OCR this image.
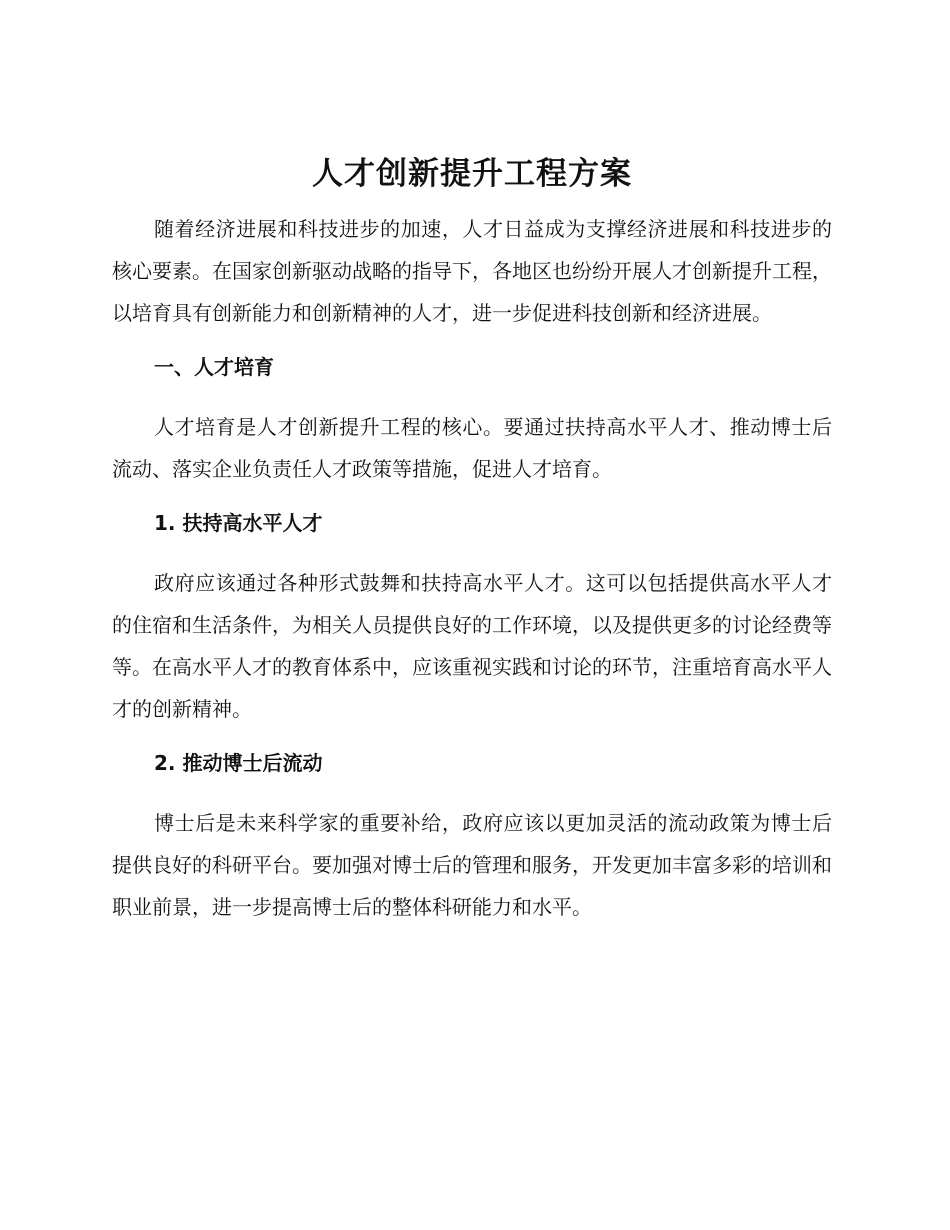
人才创新提升工程方案

随着经济进展和科技进步的加速，人才日益成为支撑经济进展和科技进步的核心要素。在国家创新驱动战略的指导下，各地区也纷纷开展人才创新提升工程，以培育具有创新能力和创新精神的人才，进一步促进科技创新和经济进展。

一、人才培育

人才培育是人才创新提升工程的核心。要通过扶持高水平人才、推动博士后流动、落实企业负责任人才政策等措施，促进人才培育。

1. 扶持高水平人才

政府应该通过各种形式鼓舞和扶持高水平人才。这可以包括提供高水平人才的住宿和生活条件，为相关人员提供良好的工作环境，以及提供更多的讨论经费等等。在高水平人才的教育体系中，应该重视实践和讨论的环节，注重培育高水平人才的创新精神。

2. 推动博士后流动

博士后是未来科学家的重要补给，政府应该以更加灵活的流动政策为博士后提供良好的科研平台。要加强对博士后的管理和服务，开发更加丰富多彩的培训和职业前景，进一步提高博士后的整体科研能力和水平。
